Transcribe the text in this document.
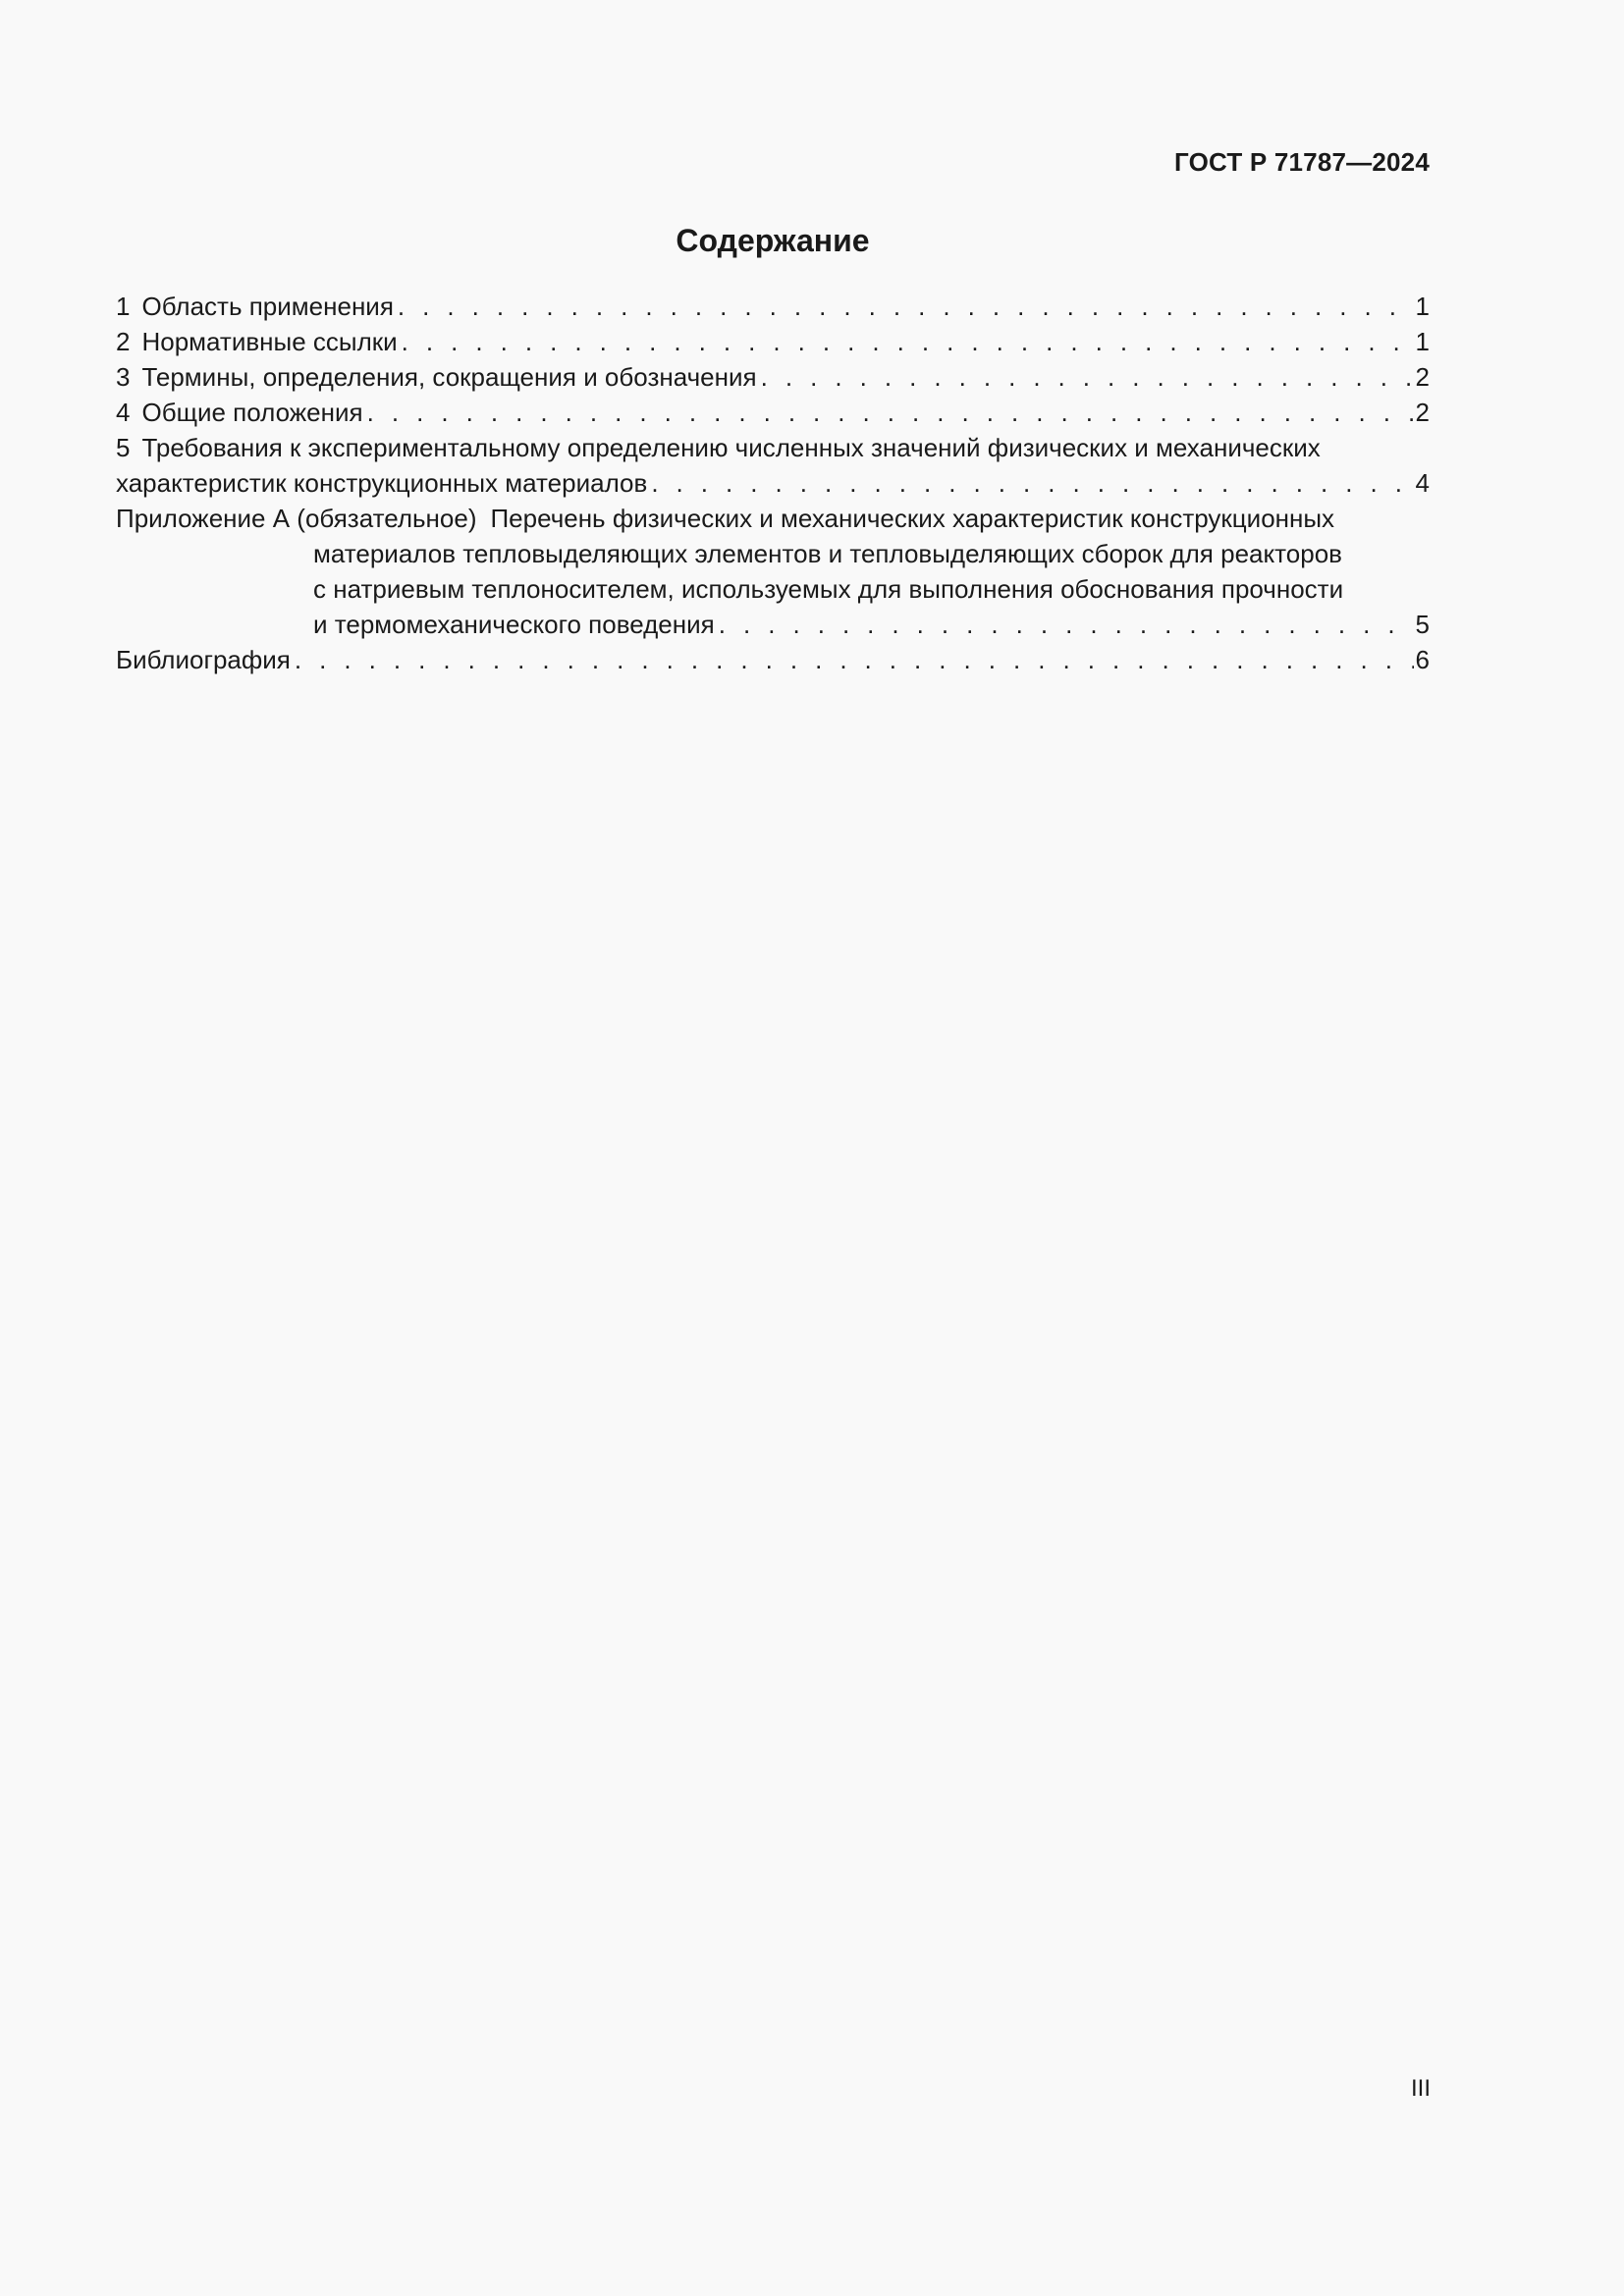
ГОСТ Р 71787—2024
Содержание
1 Область применения . . .	1
2 Нормативные ссылки . . .	1
3 Термины, определения, сокращения и обозначения . . .	2
4 Общие положения . . .	2
5 Требования к экспериментальному определению численных значений физических и механических
характеристик конструкционных материалов . . .	4
Приложение А (обязательное) Перечень физических и механических характеристик конструкционных
материалов тепловыделяющих элементов и тепловыделяющих сборок для реакторов
с натриевым теплоносителем, используемых для выполнения обоснования прочности
и термомеханического поведения . . .	5
Библиография . . .	6
III
